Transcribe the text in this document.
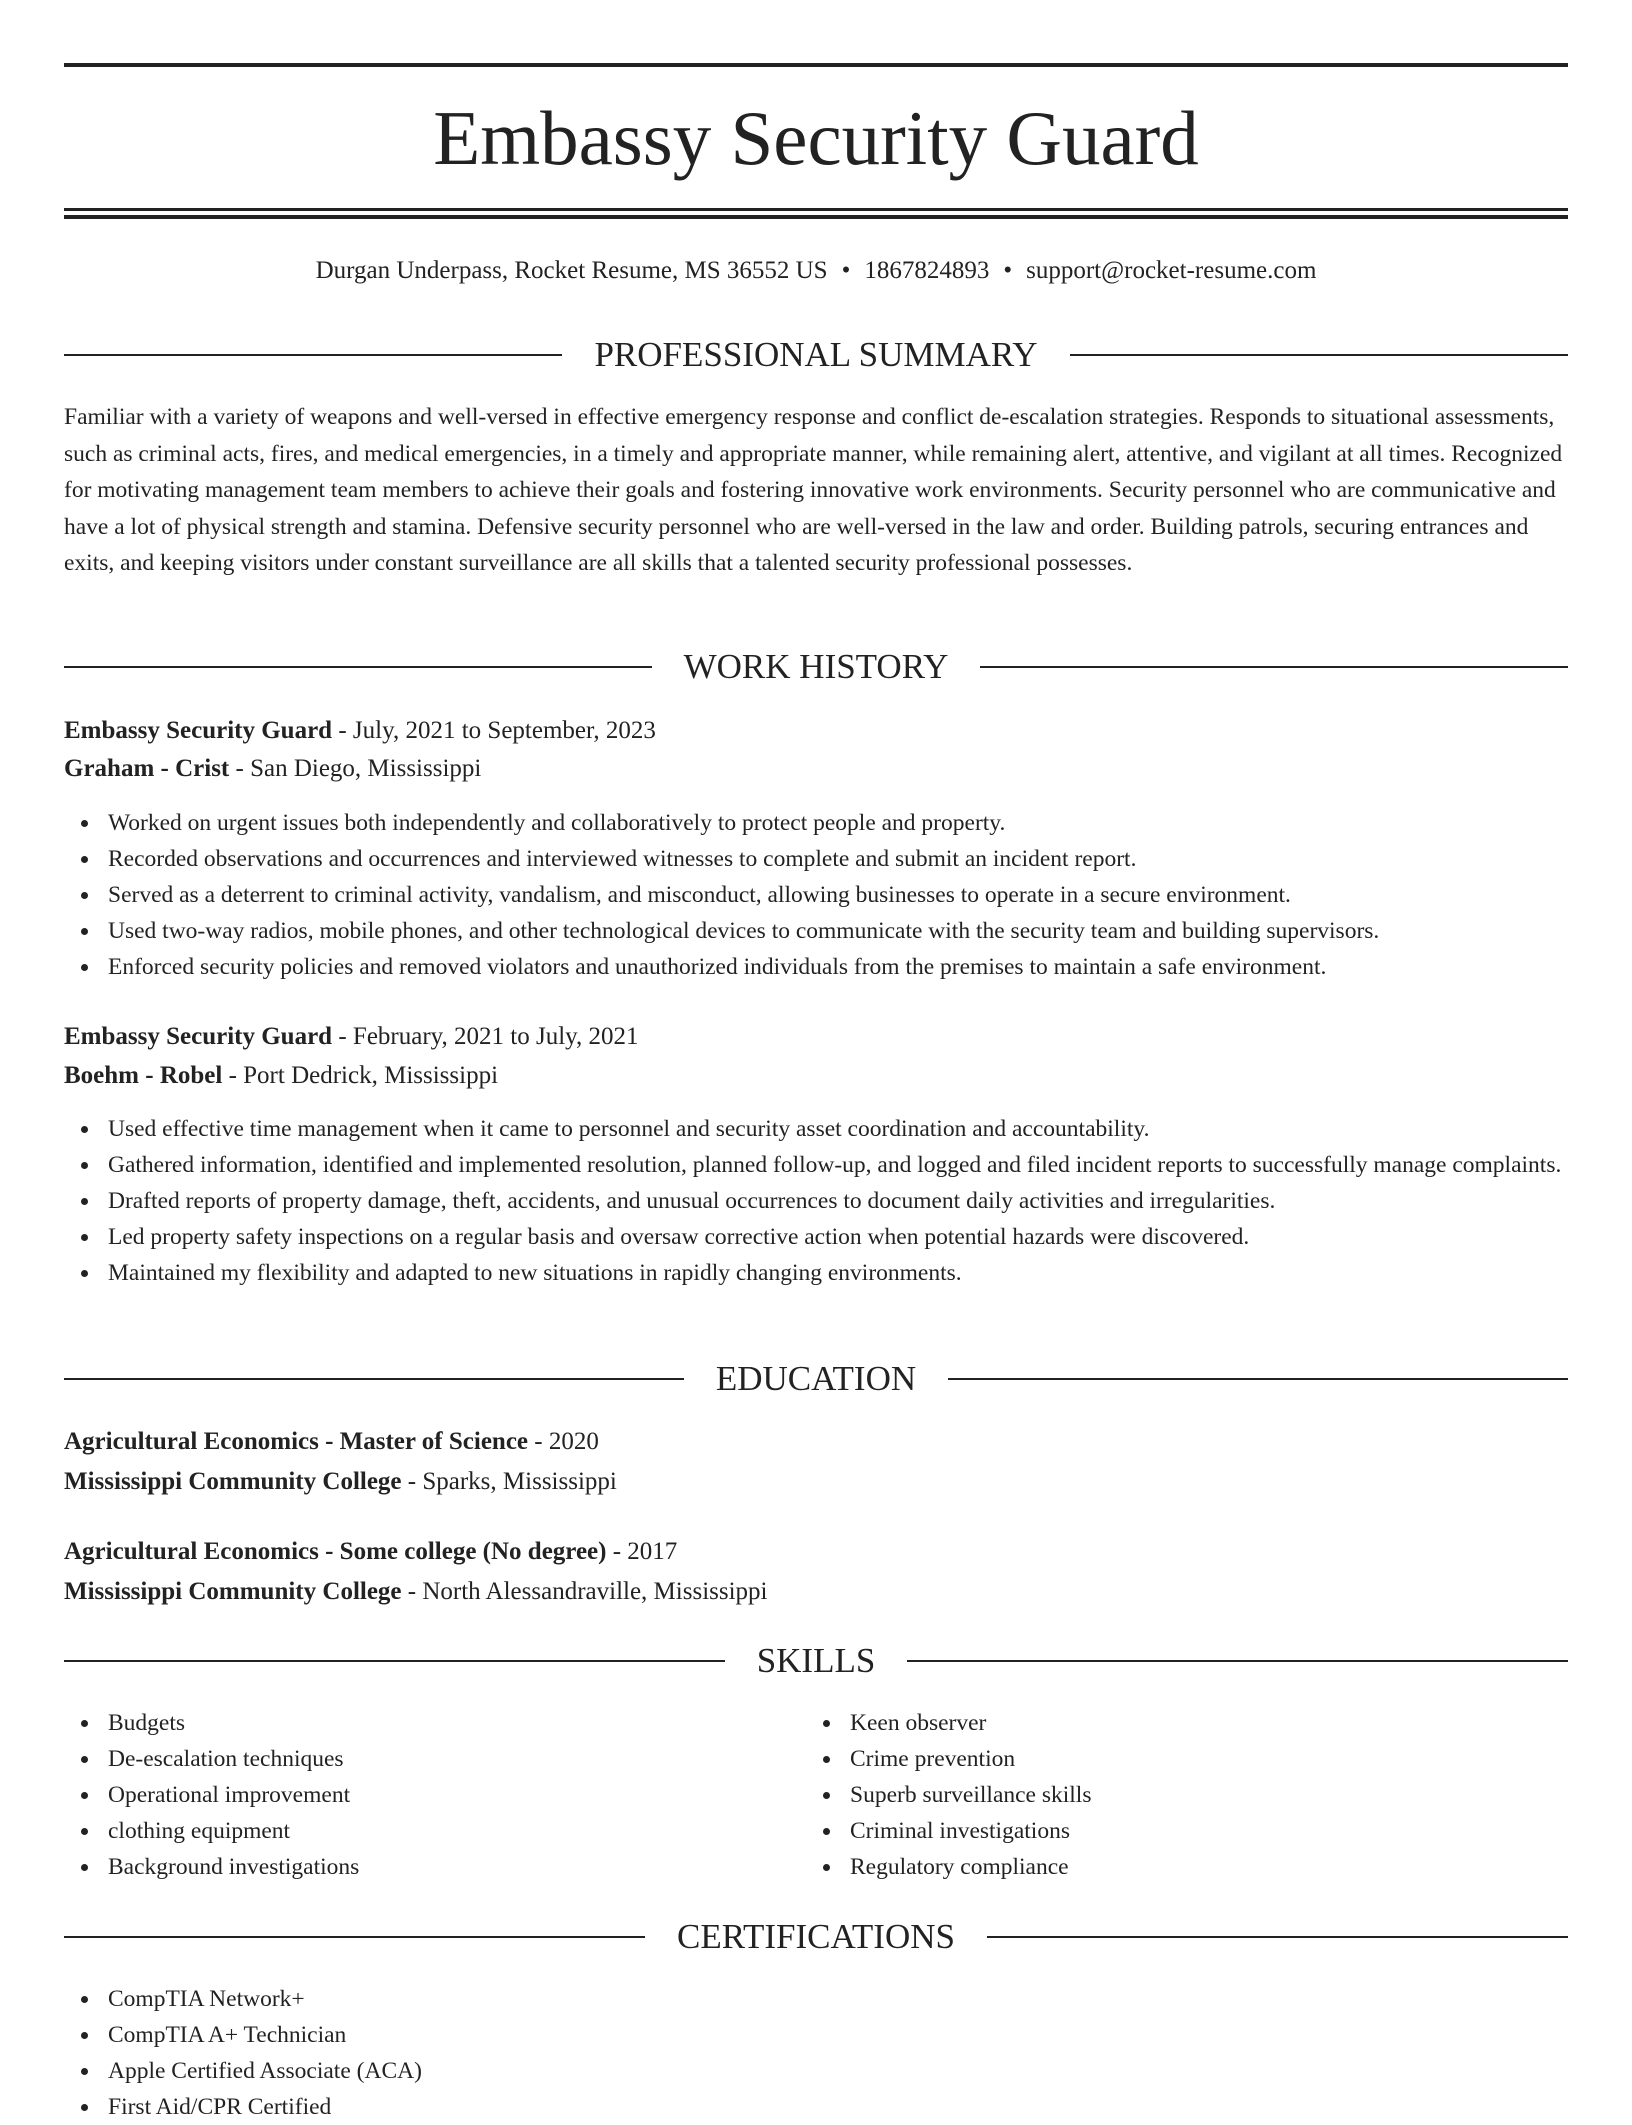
Embassy Security Guard
Durgan Underpass, Rocket Resume, MS 36552 US • 1867824893 • support@rocket-resume.com
PROFESSIONAL SUMMARY
Familiar with a variety of weapons and well-versed in effective emergency response and conflict de-escalation strategies. Responds to situational assessments, such as criminal acts, fires, and medical emergencies, in a timely and appropriate manner, while remaining alert, attentive, and vigilant at all times. Recognized for motivating management team members to achieve their goals and fostering innovative work environments. Security personnel who are communicative and have a lot of physical strength and stamina. Defensive security personnel who are well-versed in the law and order. Building patrols, securing entrances and exits, and keeping visitors under constant surveillance are all skills that a talented security professional possesses.
WORK HISTORY
Embassy Security Guard - July, 2021 to September, 2023
Graham - Crist - San Diego, Mississippi
Worked on urgent issues both independently and collaboratively to protect people and property.
Recorded observations and occurrences and interviewed witnesses to complete and submit an incident report.
Served as a deterrent to criminal activity, vandalism, and misconduct, allowing businesses to operate in a secure environment.
Used two-way radios, mobile phones, and other technological devices to communicate with the security team and building supervisors.
Enforced security policies and removed violators and unauthorized individuals from the premises to maintain a safe environment.
Embassy Security Guard - February, 2021 to July, 2021
Boehm - Robel - Port Dedrick, Mississippi
Used effective time management when it came to personnel and security asset coordination and accountability.
Gathered information, identified and implemented resolution, planned follow-up, and logged and filed incident reports to successfully manage complaints.
Drafted reports of property damage, theft, accidents, and unusual occurrences to document daily activities and irregularities.
Led property safety inspections on a regular basis and oversaw corrective action when potential hazards were discovered.
Maintained my flexibility and adapted to new situations in rapidly changing environments.
EDUCATION
Agricultural Economics - Master of Science - 2020
Mississippi Community College - Sparks, Mississippi
Agricultural Economics - Some college (No degree) - 2017
Mississippi Community College - North Alessandraville, Mississippi
SKILLS
Budgets
De-escalation techniques
Operational improvement
clothing equipment
Background investigations
Keen observer
Crime prevention
Superb surveillance skills
Criminal investigations
Regulatory compliance
CERTIFICATIONS
CompTIA Network+
CompTIA A+ Technician
Apple Certified Associate (ACA)
First Aid/CPR Certified
